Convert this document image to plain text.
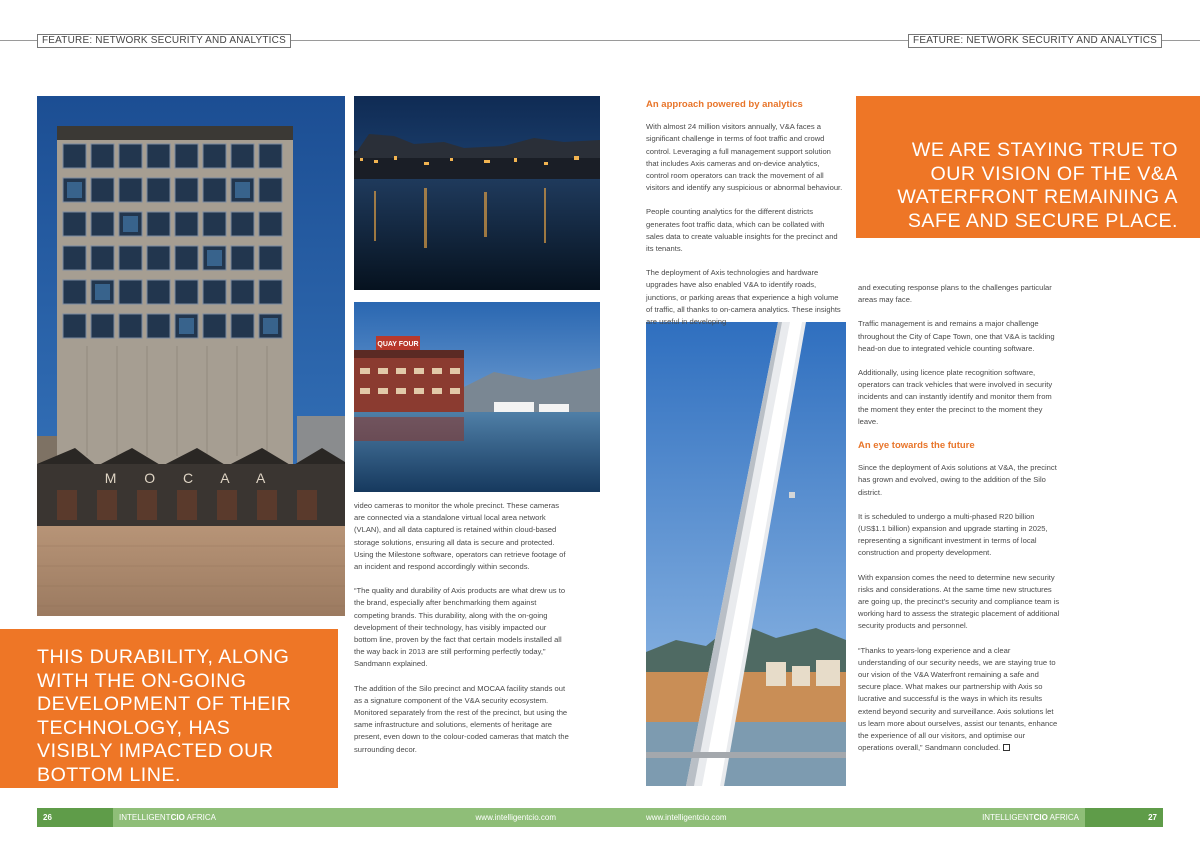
FEATURE: NETWORK SECURITY AND ANALYTICS	FEATURE: NETWORK SECURITY AND ANALYTICS
M O C A A
QUAY FOUR
THIS DURABILITY, ALONG WITH THE ON-GOING DEVELOPMENT OF THEIR TECHNOLOGY, HAS VISIBLY IMPACTED OUR BOTTOM LINE.
WE ARE STAYING TRUE TO OUR VISION OF THE V&A WATERFRONT REMAINING A SAFE AND SECURE PLACE.

video cameras to monitor the whole precinct. These cameras are connected via a standalone virtual local area network (VLAN), and all data captured is retained within cloud-based storage solutions, ensuring all data is secure and protected. Using the Milestone software, operators can retrieve footage of an incident and respond accordingly within seconds.

“The quality and durability of Axis products are what drew us to the brand, especially after benchmarking them against competing brands. This durability, along with the on-going development of their technology, has visibly impacted our bottom line, proven by the fact that certain models installed all the way back in 2013 are still performing perfectly today,” Sandmann explained.

The addition of the Silo precinct and MOCAA facility stands out as a signature component of the V&A security ecosystem. Monitored separately from the rest of the precinct, but using the same infrastructure and solutions, elements of heritage are present, even down to the colour-coded cameras that match the surrounding decor.

An approach powered by analytics

With almost 24 million visitors annually, V&A faces a significant challenge in terms of foot traffic and crowd control. Leveraging a full management support solution that includes Axis cameras and on-device analytics, control room operators can track the movement of all visitors and identify any suspicious or abnormal behaviour.

People counting analytics for the different districts generates foot traffic data, which can be collated with sales data to create valuable insights for the precinct and its tenants.

The deployment of Axis technologies and hardware upgrades have also enabled V&A to identify roads, junctions, or parking areas that experience a high volume of traffic, all thanks to on-camera analytics. These insights are useful in developing

and executing response plans to the challenges particular areas may face.

Traffic management is and remains a major challenge throughout the City of Cape Town, one that V&A is tackling head-on due to integrated vehicle counting software.

Additionally, using licence plate recognition software, operators can track vehicles that were involved in security incidents and can instantly identify and monitor them from the moment they enter the precinct to the moment they leave.

An eye towards the future

Since the deployment of Axis solutions at V&A, the precinct has grown and evolved, owing to the addition of the Silo district.

It is scheduled to undergo a multi-phased R20 billion (US$1.1 billion) expansion and upgrade starting in 2025, representing a significant investment in terms of local construction and property development.

With expansion comes the need to determine new security risks and considerations. At the same time new structures are going up, the precinct’s security and compliance team is working hard to assess the strategic placement of additional security products and personnel.

“Thanks to years-long experience and a clear understanding of our security needs, we are staying true to our vision of the V&A Waterfront remaining a safe and secure place. What makes our partnership with Axis so lucrative and successful is the ways in which its results extend beyond security and surveillance. Axis solutions let us learn more about ourselves, assist our tenants, enhance the experience of all our visitors, and optimise our operations overall,” Sandmann concluded.

26	INTELLIGENTCIO AFRICA	www.intelligentcio.com	www.intelligentcio.com	INTELLIGENTCIO AFRICA	27
